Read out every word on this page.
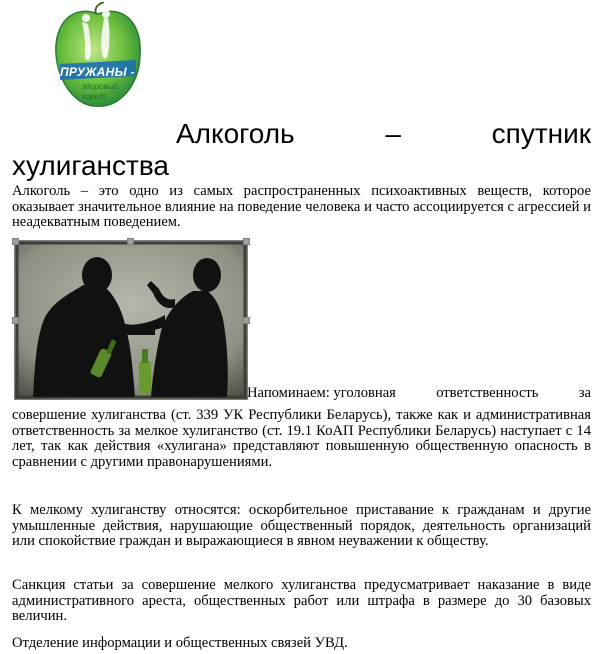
ПРУЖАНЫ -
здоровый город!
Алкоголь	–	спутник
хулиганства

Алкоголь – это одно из самых распространенных психоактивных веществ, которое оказывает значительное влияние на поведение человека и часто ассоциируется с агрессией и неадекватным поведением.

Напоминаем: уголовная	ответственность	за

совершение хулиганства (ст. 339 УК Республики Беларусь), также как и административная ответственность за мелкое хулиганство (ст. 19.1 КоАП Республики Беларусь) наступает с 14 лет, так как действия «хулигана» представляют повышенную общественную опасность в сравнении с другими правонарушениями.

К мелкому хулиганству относятся: оскорбительное приставание к гражданам и другие умышленные действия, нарушающие общественный порядок, деятельность организаций или спокойствие граждан и выражающиеся в явном неуважении к обществу.

Санкция статьи за совершение мелкого хулиганства предусматривает наказание в виде административного ареста, общественных работ или штрафа в размере до 30 базовых величин.

Отделение информации и общественных связей УВД.
